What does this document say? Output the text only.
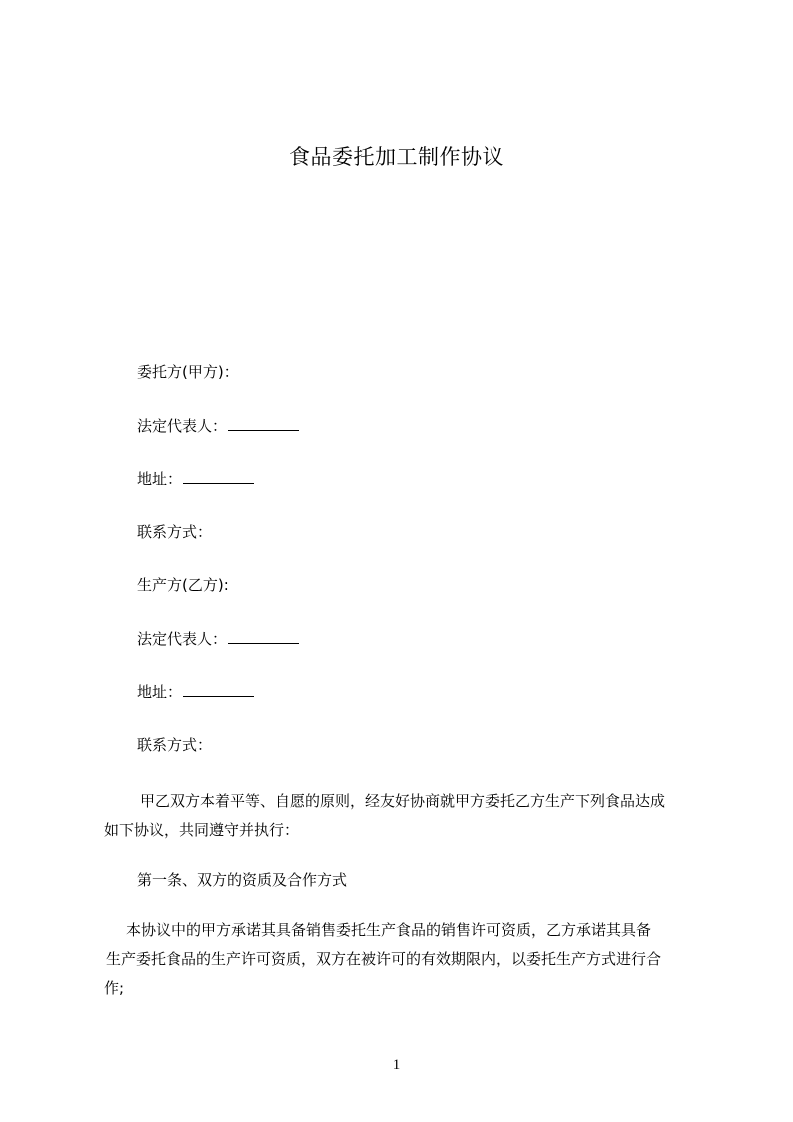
食品委托加工制作协议
委托方(甲方)：
法定代表人：
地址：
联系方式：
生产方(乙方):
法定代表人：
地址：
联系方式：
甲乙双方本着平等、自愿的原则，经友好协商就甲方委托乙方生产下列食品达成
如下协议，共同遵守并执行：
第一条、双方的资质及合作方式
本协议中的甲方承诺其具备销售委托生产食品的销售许可资质，乙方承诺其具备
生产委托食品的生产许可资质，双方在被许可的有效期限内，以委托生产方式进行合
作;
1
